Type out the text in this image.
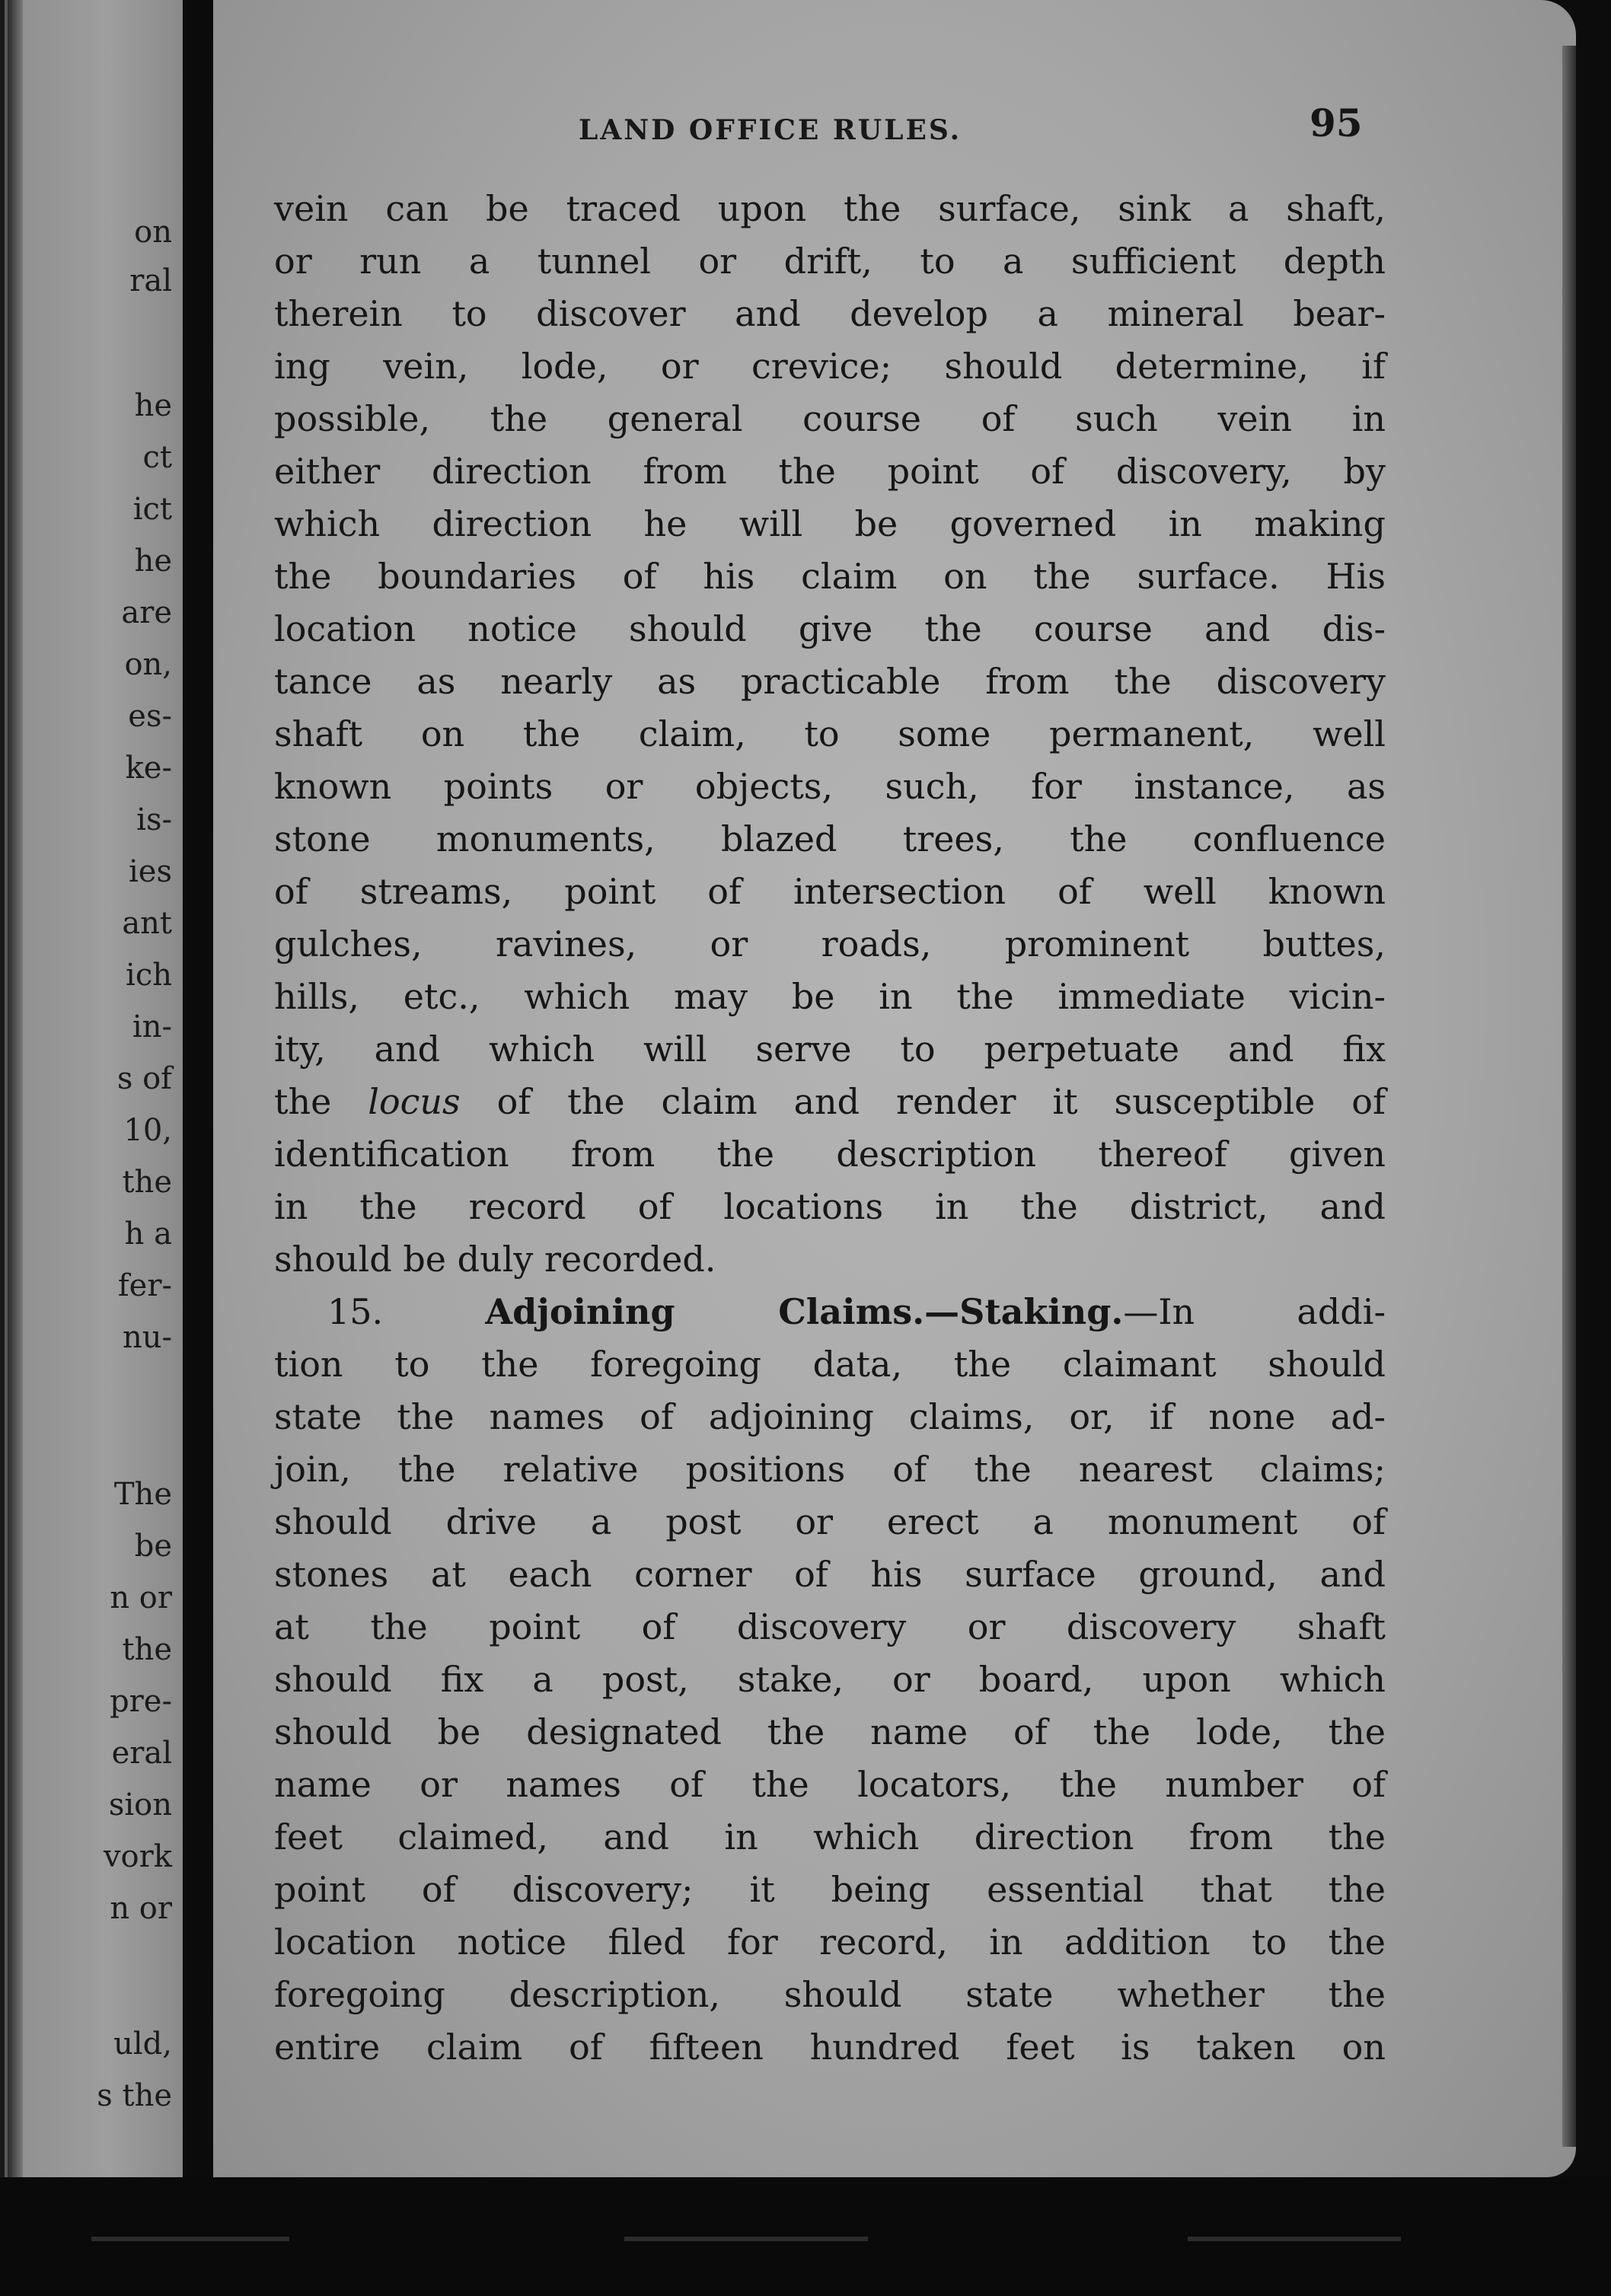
on
ral
he
ct
ict
he
are
on,
es-
ke-
is-
ies
ant
ich
in-
s of
10,
the
h a
fer-
nu-
The
be
n or
the
pre-
eral
sion
vork
n or
uld,
s the
LAND OFFICE RULES.	95
vein can be traced upon the surface, sink a shaft,
or run a tunnel or drift, to a sufficient depth
therein to discover and develop a mineral bear-
ing vein, lode, or crevice; should determine, if
possible, the general course of such vein in
either direction from the point of discovery, by
which direction he will be governed in making
the boundaries of his claim on the surface. His
location notice should give the course and dis-
tance as nearly as practicable from the discovery
shaft on the claim, to some permanent, well
known points or objects, such, for instance, as
stone monuments, blazed trees, the confluence
of streams, point of intersection of well known
gulches, ravines, or roads, prominent buttes,
hills, etc., which may be in the immediate vicin-
ity, and which will serve to perpetuate and fix
the locus of the claim and render it susceptible of
identification from the description thereof given
in the record of locations in the district, and
should be duly recorded.
15.	Adjoining Claims.—Staking.—In addi-
tion to the foregoing data, the claimant should
state the names of adjoining claims, or, if none ad-
join, the relative positions of the nearest claims;
should drive a post or erect a monument of
stones at each corner of his surface ground, and
at the point of discovery or discovery shaft
should fix a post, stake, or board, upon which
should be designated the name of the lode, the
name or names of the locators, the number of
feet claimed, and in which direction from the
point of discovery; it being essential that the
location notice filed for record, in addition to the
foregoing description, should state whether the
entire claim of fifteen hundred feet is taken on
